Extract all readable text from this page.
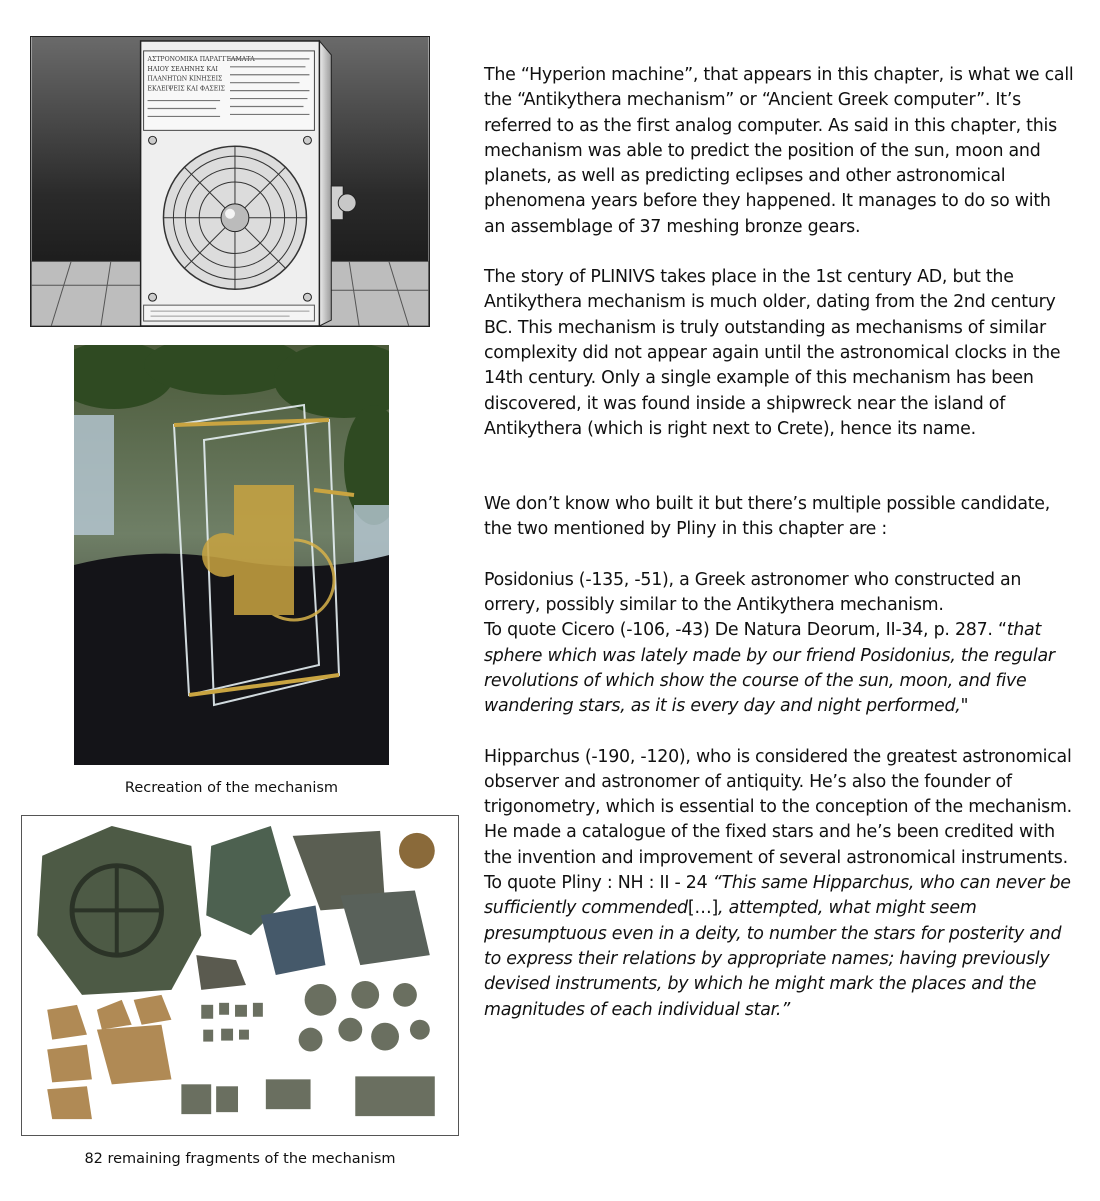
ΑΣΤΡΟΝΟΜΙΚΑ ΠΑΡΑΓΓΕΛΜΑΤΑ
ΗΛΙΟΥ ΣΕΛΗΝΗΣ ΚΑΙ
ΠΛΑΝΗΤΩΝ ΚΙΝΗΣΕΙΣ
ΕΚΛΕΙΨΕΙΣ ΚΑΙ ΦΑΣΕΙΣ
Recreation of the mechanism
82 remaining fragments of the mechanism

The “Hyperion machine”, that appears in this chapter, is what we call the “Antikythera mechanism” or “Ancient Greek computer”. It’s referred to as the first analog computer. As said in this chapter, this mechanism was able to predict the position of the sun, moon and planets, as well as predicting eclipses and other astronomical phenomena years before they happened. It manages to do so with an assemblage of 37 meshing bronze gears.

The story of PLINIVS takes place in the 1st century AD, but the Antikythera mechanism is much older, dating from the 2nd century BC. This mechanism is truly outstanding as mechanisms of similar complexity did not appear again until the astronomical clocks in the 14th century. Only a single example of this mechanism has been discovered, it was found inside a shipwreck near the island of Antikythera (which is right next to Crete), hence its name.

We don’t know who built it but there’s multiple possible candidate, the two mentioned by Pliny in this chapter are :

Posidonius (-135, -51), a Greek astronomer who constructed an orrery, possibly similar to the Antikythera mechanism.

To quote Cicero (-106, -43) De Natura Deorum, II-34, p. 287. “that sphere which was lately made by our friend Posidonius, the regular revolutions of which show the course of the sun, moon, and five wandering stars, as it is every day and night performed,"

Hipparchus (-190, -120), who is considered the greatest astronomical observer and astronomer of antiquity. He’s also the founder of trigonometry, which is essential to the conception of the mechanism. He made a catalogue of the fixed stars and he’s been credited with the invention and improvement of several astronomical instruments.

To quote Pliny : NH : II - 24 “This same Hipparchus, who can never be sufficiently commended[…], attempted, what might seem presumptuous even in a deity, to number the stars for posterity and to express their relations by appropriate names; having previously devised instruments, by which he might mark the places and the magnitudes of each individual star.”
